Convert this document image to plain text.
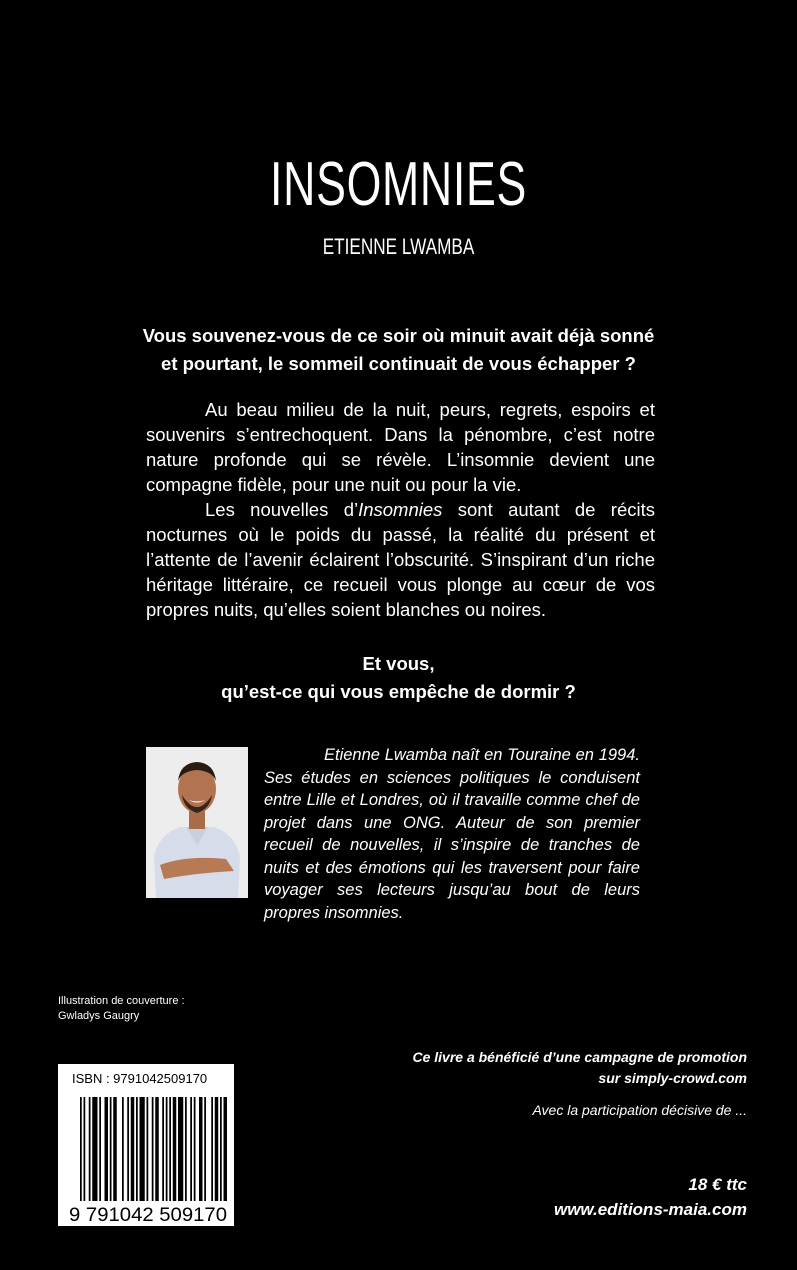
INSOMNIES
ETIENNE LWAMBA
Vous souvenez-vous de ce soir où minuit avait déjà sonné
et pourtant, le sommeil continuait de vous échapper ?

Au beau milieu de la nuit, peurs, regrets, espoirs et souvenirs s’entrechoquent. Dans la pénombre, c’est notre nature profonde qui se révèle. L’insomnie devient une compagne fidèle, pour une nuit ou pour la vie.

Les nouvelles d’Insomnies sont autant de récits nocturnes où le poids du passé, la réalité du présent et l’attente de l’avenir éclairent l’obscurité. S’inspirant d’un riche héritage littéraire, ce recueil vous plonge au cœur de vos propres nuits, qu’elles soient blanches ou noires.

Et vous,
qu’est-ce qui vous empêche de dormir ?
Etienne Lwamba naît en Touraine en 1994. Ses études en sciences politiques le conduisent entre Lille et Londres, où il travaille comme chef de projet dans une ONG. Auteur de son premier recueil de nouvelles, il s’inspire de tranches de nuits et des émotions qui les traversent pour faire voyager ses lecteurs jusqu’au bout de leurs propres insomnies.
Illustration de couverture :
Gwladys Gaugry
9 791042 509170
ISBN : 9791042509170
Ce livre a bénéficié d’une campagne de promotion
sur simply-crowd.com
Avec la participation décisive de ...
18 € ttc
www.editions-maia.com
